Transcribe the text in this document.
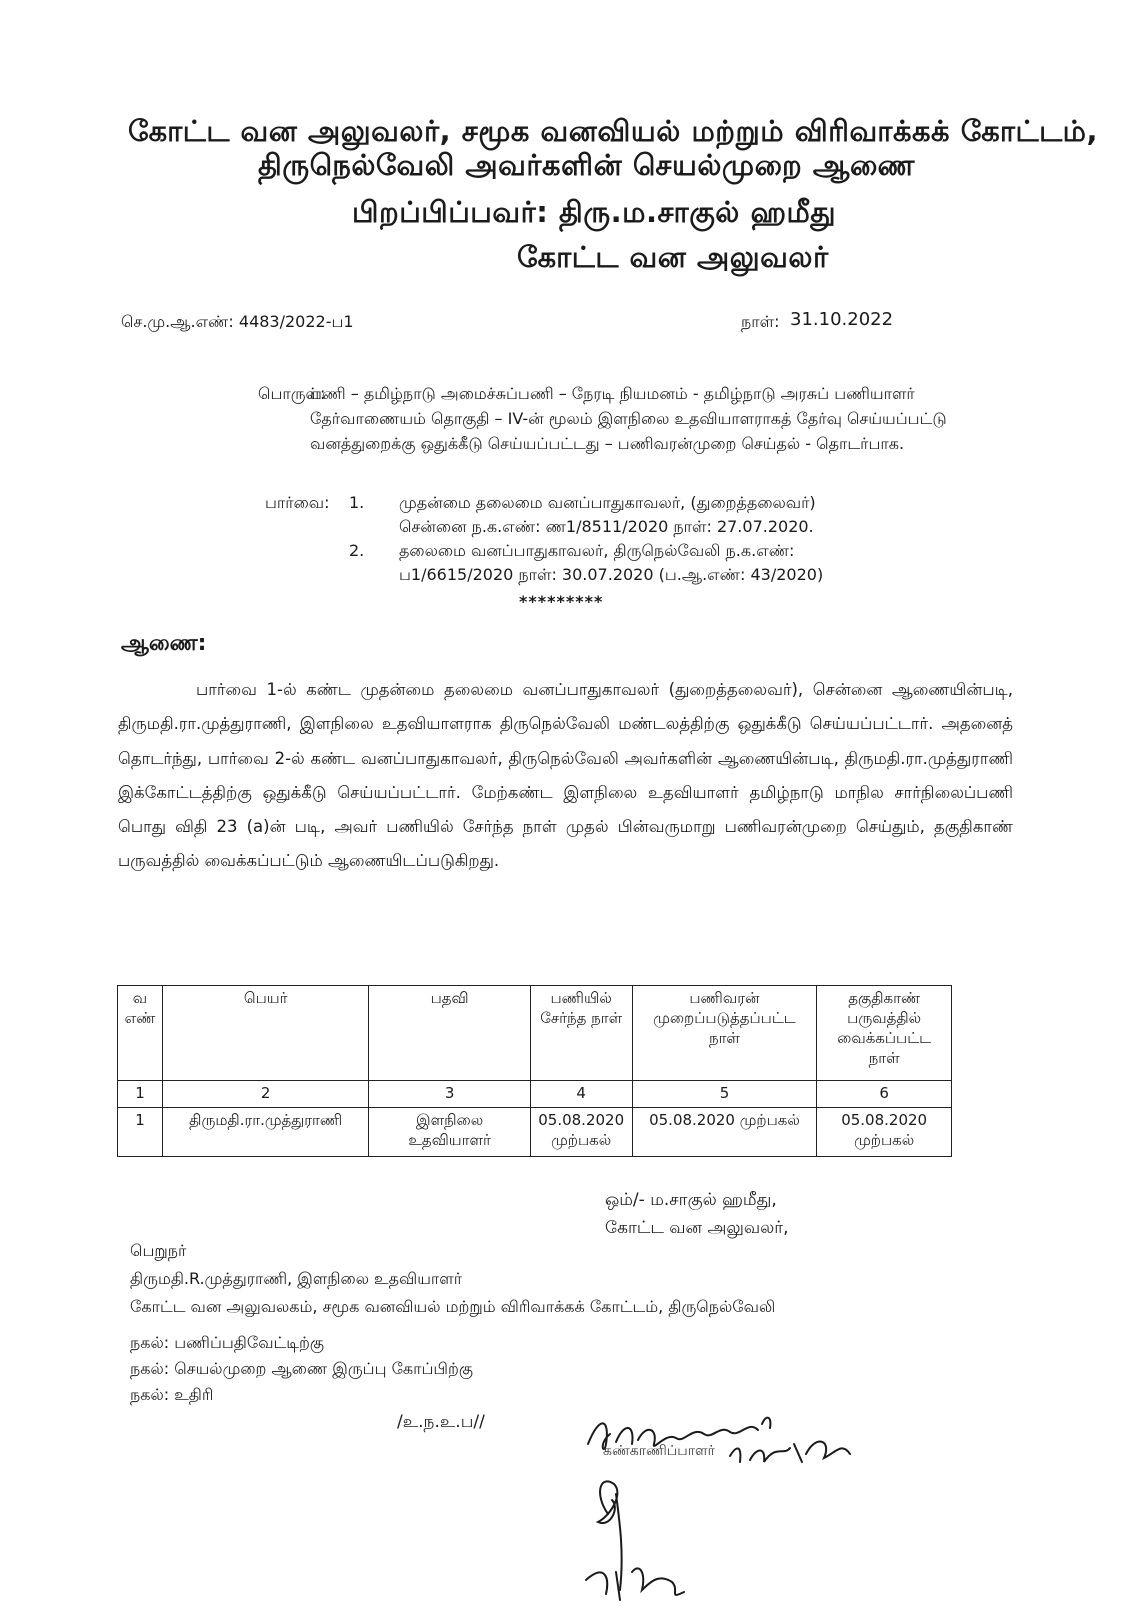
கோட்ட வன அலுவலர், சமூக வனவியல் மற்றும் விரிவாக்கக் கோட்டம்,
திருநெல்வேலி அவர்களின் செயல்முறை ஆணை
பிறப்பிப்பவர்: திரு.ம.சாகுல் ஹமீது
கோட்ட வன அலுவலர்
செ.மு.ஆ.எண்: 4483/2022-ப1	நாள்: 31.10.2022
பொருள்:பணி – தமிழ்நாடு அமைச்சுப்பணி – நேரடி நியமனம் - தமிழ்நாடு அரசுப் பணியாளர் தேர்வாணையம் தொகுதி – IV-ன் மூலம் இளநிலை உதவியாளராகத் தேர்வு செய்யப்பட்டு வனத்துறைக்கு ஒதுக்கீடு செய்யப்பட்டது – பணிவரன்முறை செய்தல் - தொடர்பாக.
பார்வை: 1. முதன்மை தலைமை வனப்பாதுகாவலர், (துறைத்தலைவர்)
சென்னை ந.க.எண்: ண1/8511/2020 நாள்: 27.07.2020.
2. தலைமை வனப்பாதுகாவலர், திருநெல்வேலி ந.க.எண்:
ப1/6615/2020 நாள்: 30.07.2020 (ப.ஆ.எண்: 43/2020)
*********
ஆணை:
பார்வை 1-ல் கண்ட முதன்மை தலைமை வனப்பாதுகாவலர் (துறைத்தலைவர்), சென்னை ஆணையின்படி, திருமதி.ரா.முத்துராணி, இளநிலை உதவியாளராக திருநெல்வேலி மண்டலத்திற்கு ஒதுக்கீடு செய்யப்பட்டார். அதனைத் தொடர்ந்து, பார்வை 2-ல் கண்ட வனப்பாதுகாவலர், திருநெல்வேலி அவர்களின் ஆணையின்படி, திருமதி.ரா.முத்துராணி இக்கோட்டத்திற்கு ஒதுக்கீடு செய்யப்பட்டார். மேற்கண்ட இளநிலை உதவியாளர் தமிழ்நாடு மாநில சார்நிலைப்பணி பொது விதி 23 (a)ன் படி, அவர் பணியில் சேர்ந்த நாள் முதல் பின்வருமாறு பணிவரன்முறை செய்தும், தகுதிகாண் பருவத்தில் வைக்கப்பட்டும் ஆணையிடப்படுகிறது.
வ எண்	பெயர்	பதவி	பணியில் சேர்ந்த நாள்	பணிவரன் முறைப்படுத்தப்பட்ட நாள்	தகுதிகாண் பருவத்தில் வைக்கப்பட்ட நாள்
1	2	3	4	5	6
1	திருமதி.ரா.முத்துராணி	இளநிலை உதவியாளர்	05.08.2020 முற்பகல்	05.08.2020 முற்பகல்	05.08.2020 முற்பகல்
ஒம்/- ம.சாகுல் ஹமீது,
கோட்ட வன அலுவலர்,
பெறுநர்
திருமதி.R.முத்துராணி, இளநிலை உதவியாளர்
கோட்ட வன அலுவலகம், சமூக வனவியல் மற்றும் விரிவாக்கக் கோட்டம், திருநெல்வேலி
நகல்: பணிப்பதிவேட்டிற்கு
நகல்: செயல்முறை ஆணை இருப்பு கோப்பிற்கு
நகல்: உதிரி
/உ.ந.உ.ப//
கண்காணிப்பாளர்
